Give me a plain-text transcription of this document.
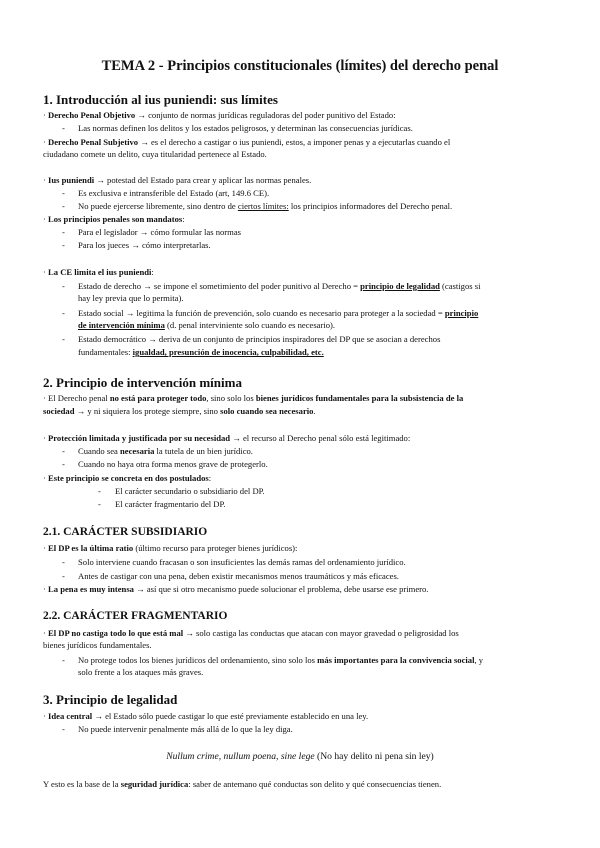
TEMA 2 - Principios constitucionales (límites) del derecho penal
1. Introducción al ius puniendi: sus límites

· Derecho Penal Objetivo → conjunto de normas jurídicas reguladoras del poder punitivo del Estado:

- Las normas definen los delitos y los estados peligrosos, y determinan las consecuencias jurídicas.

· Derecho Penal Subjetivo → es el derecho a castigar o ius puniendi, estos, a imponer penas y a ejecutarlas cuando el

ciudadano comete un delito, cuya titularidad pertenece al Estado.

· Ius puniendi → potestad del Estado para crear y aplicar las normas penales.

- Es exclusiva e intransferible del Estado (art, 149.6 CE).

- No puede ejercerse libremente, sino dentro de ciertos límites: los principios informadores del Derecho penal.

· Los principios penales son mandatos:

- Para el legislador → cómo formular las normas

- Para los jueces → cómo interpretarlas.

· La CE limita el ius puniendi:

- Estado de derecho → se impone el sometimiento del poder punitivo al Derecho = principio de legalidad (castigos si

hay ley previa que lo permita).

- Estado social → legitima la función de prevención, solo cuando es necesario para proteger a la sociedad = principio

de intervención mínima (d. penal interviniente solo cuando es necesario).

- Estado democrático → deriva de un conjunto de principios inspiradores del DP que se asocian a derechos

fundamentales: igualdad, presunción de inocencia, culpabilidad, etc.

2. Principio de intervención mínima

· El Derecho penal no está para proteger todo, sino solo los bienes jurídicos fundamentales para la subsistencia de la

sociedad → y ni siquiera los protege siempre, sino solo cuando sea necesario.

· Protección limitada y justificada por su necesidad → el recurso al Derecho penal sólo está legitimado:

- Cuando sea necesaria la tutela de un bien jurídico.

- Cuando no haya otra forma menos grave de protegerlo.

· Este principio se concreta en dos postulados:

- El carácter secundario o subsidiario del DP.

- El carácter fragmentario del DP.

2.1. CARÁCTER SUBSIDIARIO

· El DP es la última ratio (último recurso para proteger bienes jurídicos):

- Solo interviene cuando fracasan o son insuficientes las demás ramas del ordenamiento jurídico.

- Antes de castigar con una pena, deben existir mecanismos menos traumáticos y más eficaces.

· La pena es muy intensa → así que si otro mecanismo puede solucionar el problema, debe usarse ese primero.

2.2. CARÁCTER FRAGMENTARIO

· El DP no castiga todo lo que está mal → solo castiga las conductas que atacan con mayor gravedad o peligrosidad los

bienes jurídicos fundamentales.

- No protege todos los bienes jurídicos del ordenamiento, sino solo los más importantes para la convivencia social, y

solo frente a los ataques más graves.

3. Principio de legalidad

· Idea central → el Estado sólo puede castigar lo que esté previamente establecido en una ley.

- No puede intervenir penalmente más allá de lo que la ley diga.

Nullum crime, nullum poena, sine lege (No hay delito ni pena sin ley)

Y esto es la base de la seguridad jurídica: saber de antemano qué conductas son delito y qué consecuencias tienen.
